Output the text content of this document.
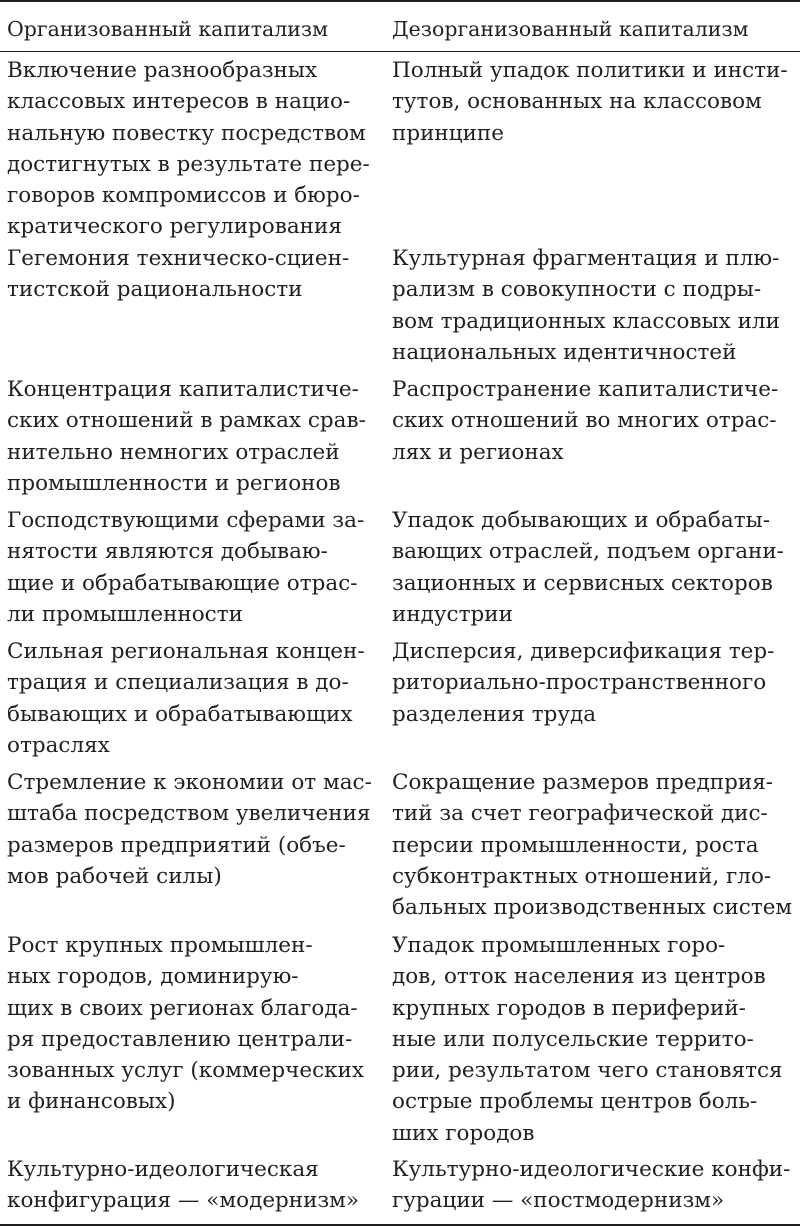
Организованный капитализм	Дезорганизованный капитализм
Включение разнообразных
классовых интересов в нацио-
нальную повестку посредством
достигнутых в результате пере-
говоров компромиссов и бюро-
кратического регулирования
Полный упадок политики и инсти-
тутов, основанных на классовом
принципе
Гегемония техническо-сциен-
тистской рациональности
Культурная фрагментация и плю-
рализм в совокупности с подры-
вом традиционных классовых или
национальных идентичностей
Концентрация капиталистиче-
ских отношений в рамках срав-
нительно немногих отраслей
промышленности и регионов
Распространение капиталистиче-
ских отношений во многих отрас-
лях и регионах
Господствующими сферами за-
нятости являются добываю-
щие и обрабатывающие отрас-
ли промышленности
Упадок добывающих и обрабаты-
вающих отраслей, подъем органи-
зационных и сервисных секторов
индустрии
Сильная региональная концен-
трация и специализация в до-
бывающих и обрабатывающих
отраслях
Дисперсия, диверсификация тер-
риториально-пространственного
разделения труда
Стремление к экономии от мас-
штаба посредством увеличения
размеров предприятий (объе-
мов рабочей силы)
Сокращение размеров предприя-
тий за счет географической дис-
персии промышленности, роста
субконтрактных отношений, гло-
бальных производственных систем
Рост крупных промышлен-
ных городов, доминирую-
щих в своих регионах благода-
ря предоставлению централи-
зованных услуг (коммерческих
и финансовых)
Упадок промышленных горо-
дов, отток населения из центров
крупных городов в периферий-
ные или полусельские террито-
рии, результатом чего становятся
острые проблемы центров боль-
ших городов
Культурно-идеологическая
конфигурация — «модернизм»
Культурно-идеологические конфи-
гурации — «постмодернизм»
